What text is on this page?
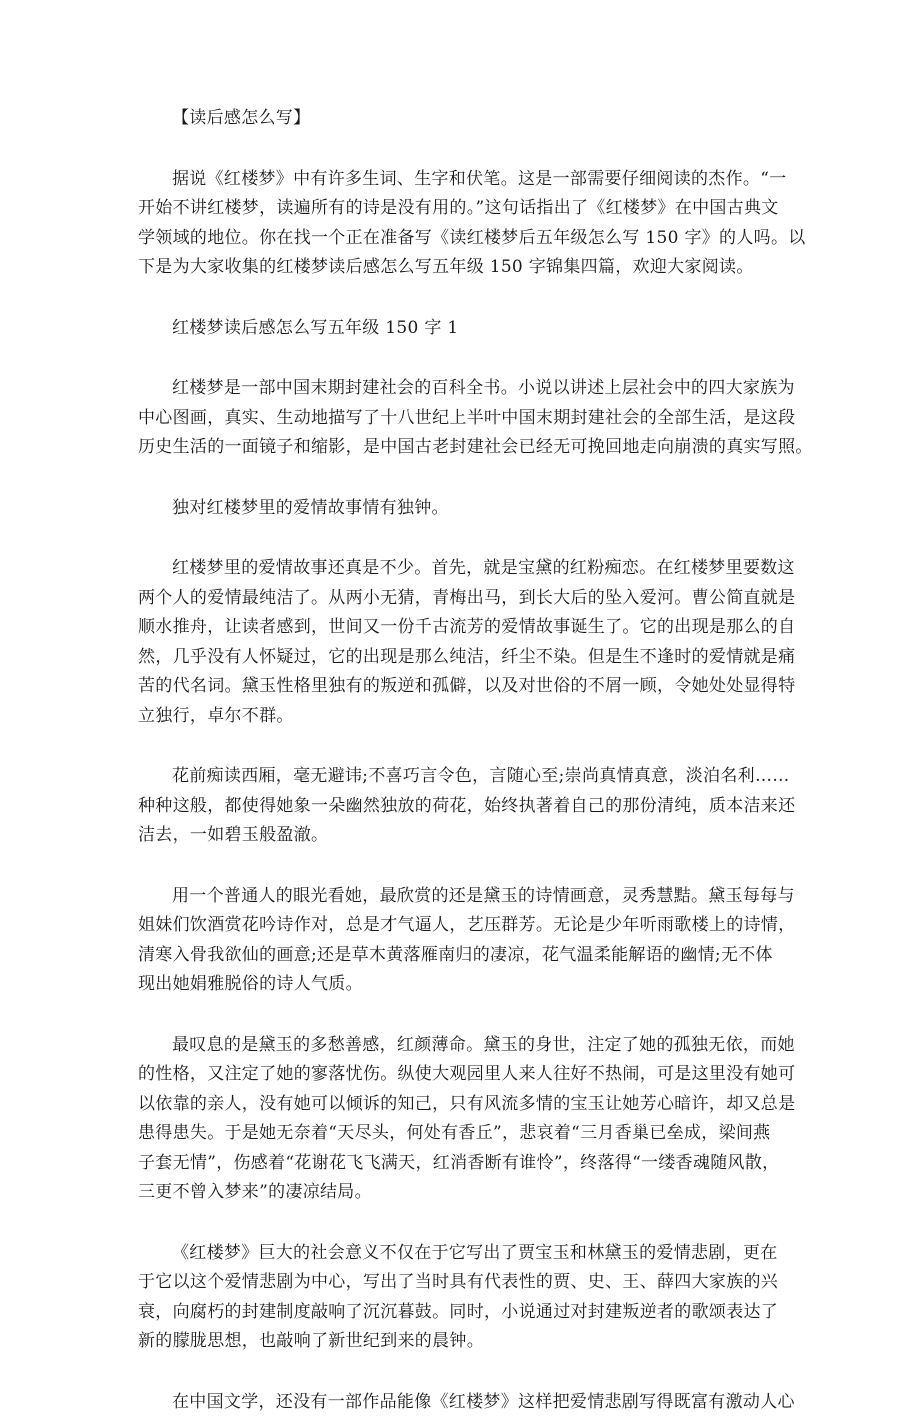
【读后感怎么写】
据说《红楼梦》中有许多生词、生字和伏笔。这是一部需要仔细阅读的杰作。“一
开始不讲红楼梦，读遍所有的诗是没有用的。”这句话指出了《红楼梦》在中国古典文
学领域的地位。你在找一个正在准备写《读红楼梦后五年级怎么写 150 字》的人吗。以
下是为大家收集的红楼梦读后感怎么写五年级 150 字锦集四篇，欢迎大家阅读。
红楼梦读后感怎么写五年级 150 字 1
红楼梦是一部中国末期封建社会的百科全书。小说以讲述上层社会中的四大家族为
中心图画，真实、生动地描写了十八世纪上半叶中国末期封建社会的全部生活，是这段
历史生活的一面镜子和缩影，是中国古老封建社会已经无可挽回地走向崩溃的真实写照。
独对红楼梦里的爱情故事情有独钟。
红楼梦里的爱情故事还真是不少。首先，就是宝黛的红粉痴恋。在红楼梦里要数这
两个人的爱情最纯洁了。从两小无猜，青梅出马，到长大后的坠入爱河。曹公简直就是
顺水推舟，让读者感到，世间又一份千古流芳的爱情故事诞生了。它的出现是那么的自
然，几乎没有人怀疑过，它的出现是那么纯洁，纤尘不染。但是生不逢时的爱情就是痛
苦的代名词。黛玉性格里独有的叛逆和孤僻，以及对世俗的不屑一顾，令她处处显得特
立独行，卓尔不群。
花前痴读西厢，毫无避讳;不喜巧言令色，言随心至;崇尚真情真意，淡泊名利……
种种这般，都使得她象一朵幽然独放的荷花，始终执著着自己的那份清纯，质本洁来还
洁去，一如碧玉般盈澈。
用一个普通人的眼光看她，最欣赏的还是黛玉的诗情画意，灵秀慧黠。黛玉每每与
姐妹们饮酒赏花吟诗作对，总是才气逼人，艺压群芳。无论是少年听雨歌楼上的诗情，
清寒入骨我欲仙的画意;还是草木黄落雁南归的凄凉，花气温柔能解语的幽情;无不体
现出她娟雅脱俗的诗人气质。
最叹息的是黛玉的多愁善感，红颜薄命。黛玉的身世，注定了她的孤独无依，而她
的性格，又注定了她的寥落忧伤。纵使大观园里人来人往好不热闹，可是这里没有她可
以依靠的亲人，没有她可以倾诉的知己，只有风流多情的宝玉让她芳心暗许，却又总是
患得患失。于是她无奈着“天尽头，何处有香丘”，悲哀着“三月香巢已垒成，梁间燕
子套无情”，伤感着“花谢花飞飞满天，红消香断有谁怜”，终落得“一缕香魂随风散，
三更不曾入梦来”的凄凉结局。
《红楼梦》巨大的社会意义不仅在于它写出了贾宝玉和林黛玉的爱情悲剧，更在
于它以这个爱情悲剧为中心，写出了当时具有代表性的贾、史、王、薛四大家族的兴
衰，向腐朽的封建制度敲响了沉沉暮鼓。同时，小说通过对封建叛逆者的歌颂表达了
新的朦胧思想，也敲响了新世纪到来的晨钟。
在中国文学，还没有一部作品能像《红楼梦》这样把爱情悲剧写得既富有激动人心
